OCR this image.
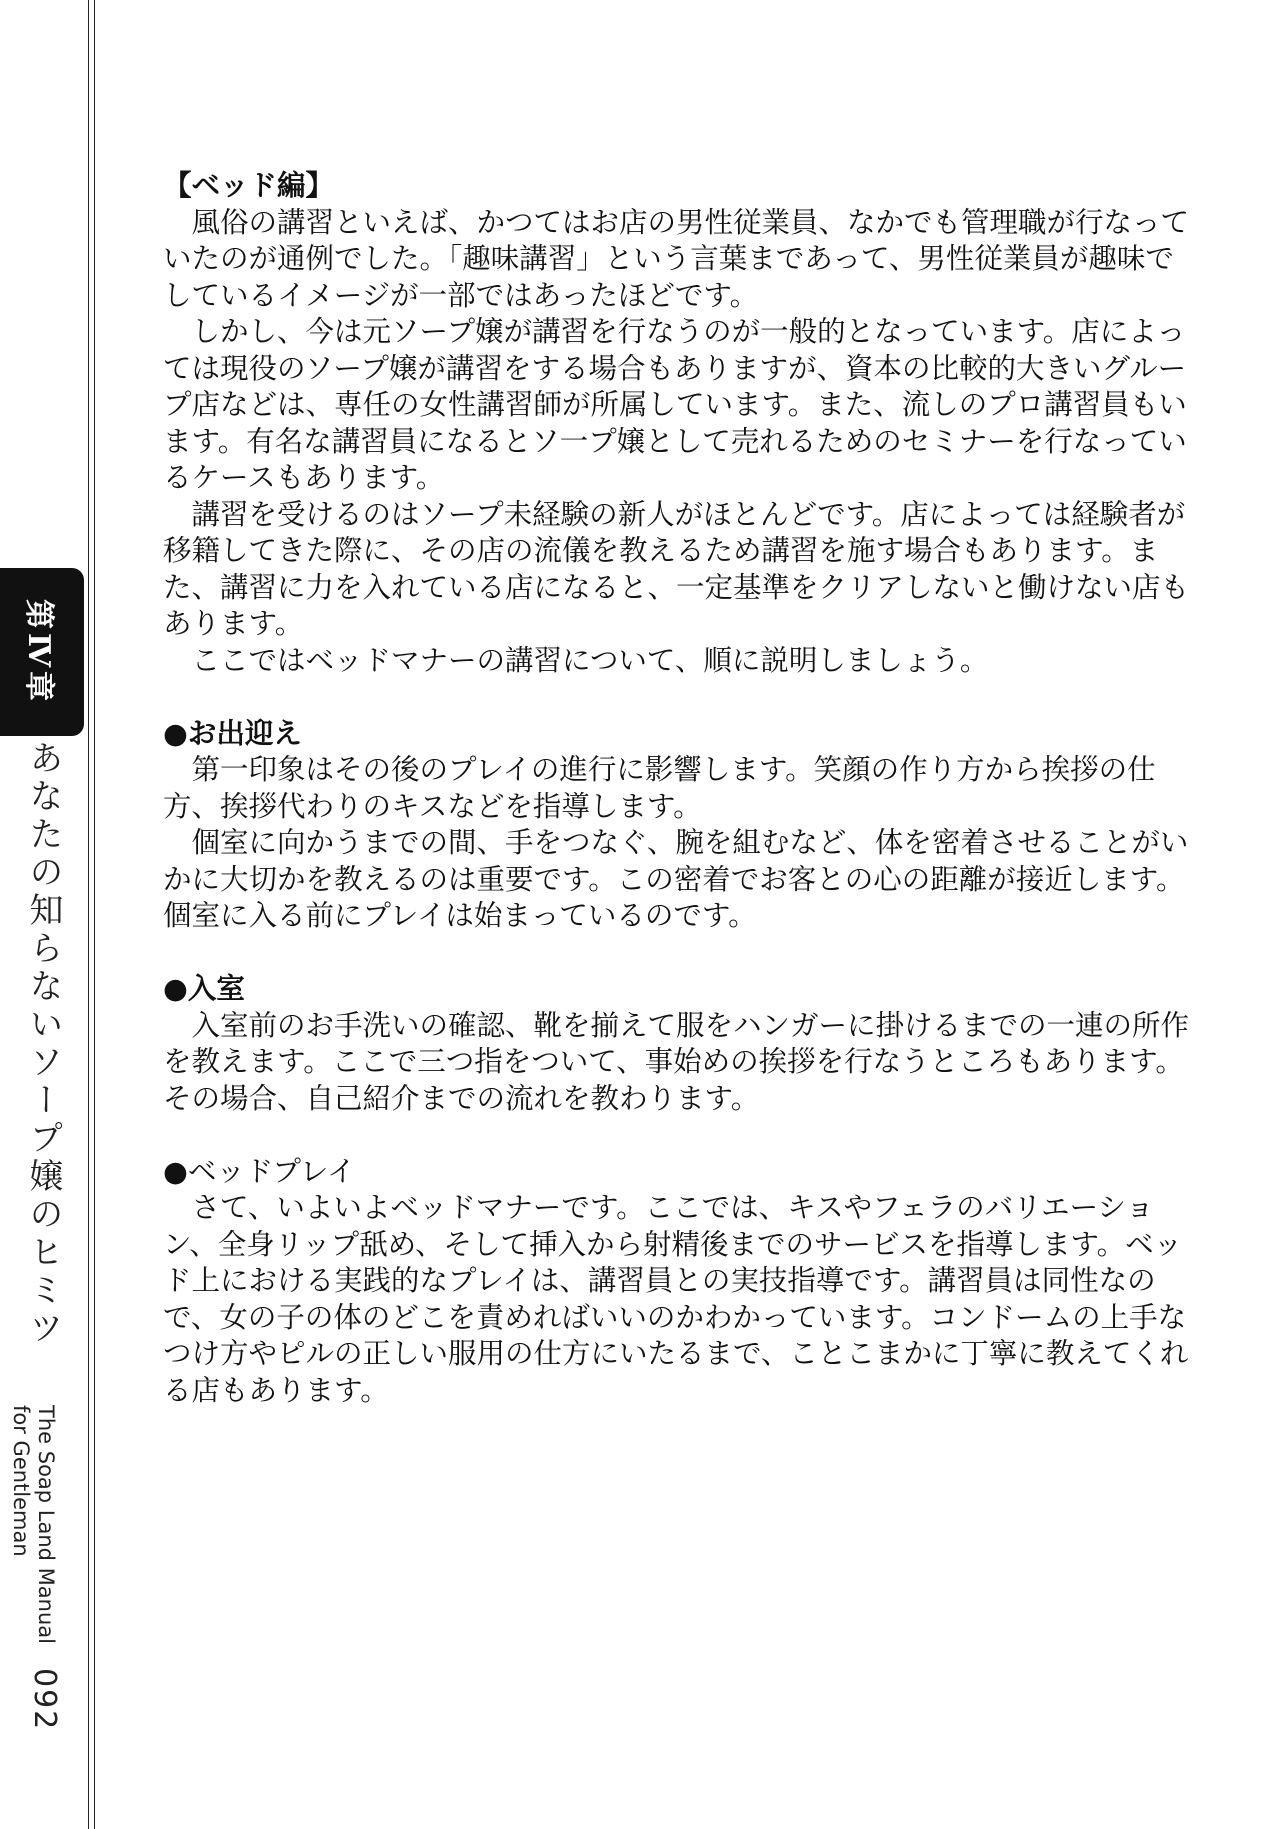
第Ⅳ章
あなたの知らないソープ嬢のヒミツ
The Soap Land Manual
for Gentleman
092
【ベッド編】

風俗の講習といえば、かつてはお店の男性従業員、なかでも管理職が行なっていたのが通例でした。「趣味講習」という言葉まであって、男性従業員が趣味でしているイメージが一部ではあったほどです。

しかし、今は元ソープ嬢が講習を行なうのが一般的となっています。店によっては現役のソープ嬢が講習をする場合もありますが、資本の比較的大きいグループ店などは、専任の女性講習師が所属しています。また、流しのプロ講習員もいます。有名な講習員になるとソ一プ嬢として売れるためのセミナーを行なっているケースもあります。

講習を受けるのはソープ未経験の新人がほとんどです。店によっては経験者が移籍してきた際に、その店の流儀を教えるため講習を施す場合もあります。また、講習に力を入れている店になると、一定基準をクリアしないと働けない店もあります。

ここではベッドマナーの講習について、順に説明しましょう。

●お出迎え

第一印象はその後のプレイの進行に影響します。笑顔の作り方から挨拶の仕方、挨拶代わりのキスなどを指導します。

個室に向かうまでの間、手をつなぐ、腕を組むなど、体を密着させることがいかに大切かを教えるのは重要です。この密着でお客との心の距離が接近します。個室に入る前にプレイは始まっているのです。

●入室

入室前のお手洗いの確認、靴を揃えて服をハンガーに掛けるまでの一連の所作を教えます。ここで三つ指をついて、事始めの挨拶を行なうところもあります。その場合、自己紹介までの流れを教わります。

●ベッドプレイ

さて、いよいよベッドマナーです。ここでは、キスやフェラのバリエーション、全身リップ舐め、そして挿入から射精後までのサービスを指導します。ベッド上における実践的なプレイは、講習員との実技指導です。講習員は同性なので、女の子の体のどこを責めればいいのかわかっています。コンドームの上手なつけ方やピルの正しい服用の仕方にいたるまで、ことこまかに丁寧に教えてくれる店もあります。
